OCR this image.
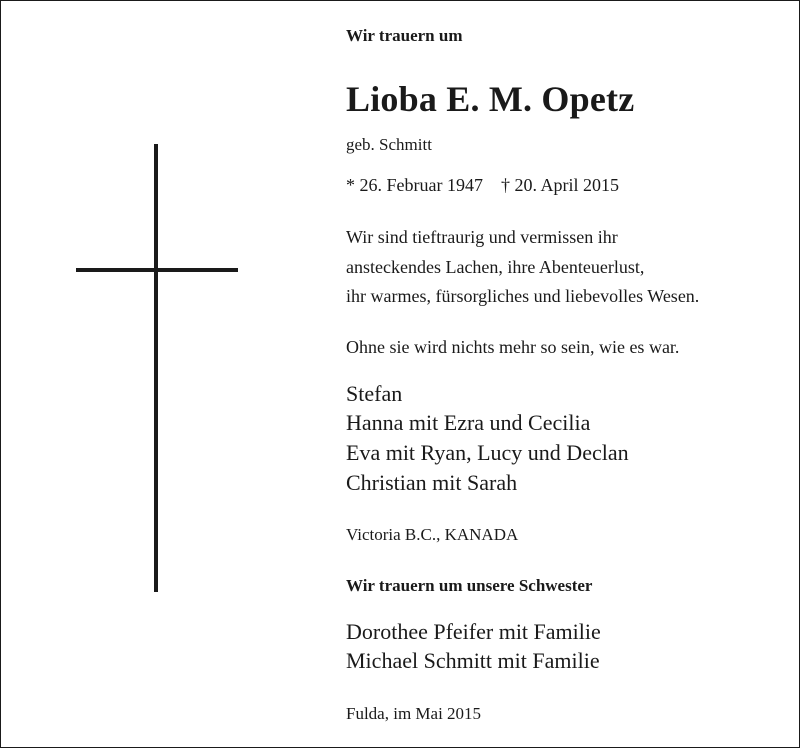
Wir trauern um
Lioba E. M. Opetz
geb. Schmitt
* 26. Februar 1947    † 20. April 2015
Wir sind tieftraurig und vermissen ihr
ansteckendes Lachen, ihre Abenteuerlust,
ihr warmes, fürsorgliches und liebevolles Wesen.
Ohne sie wird nichts mehr so sein, wie es war.
Stefan
Hanna mit Ezra und Cecilia
Eva mit Ryan, Lucy und Declan
Christian mit Sarah
Victoria B.C., KANADA
Wir trauern um unsere Schwester
Dorothee Pfeifer mit Familie
Michael Schmitt mit Familie
Fulda, im Mai 2015
